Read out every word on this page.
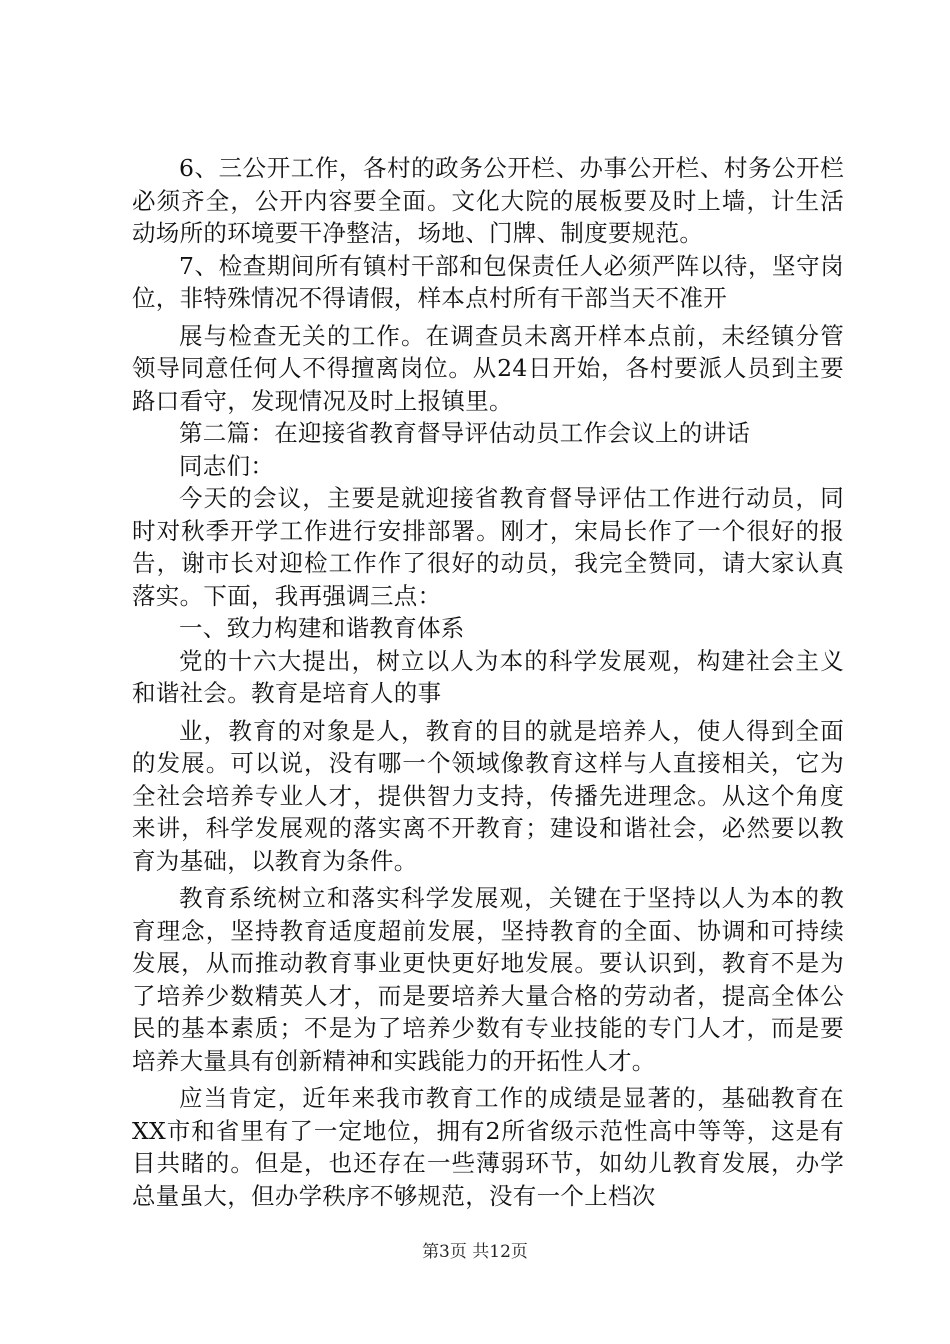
6、三公开工作，各村的政务公开栏、办事公开栏、村务公开栏必须齐全，公开内容要全面。文化大院的展板要及时上墙，计生活动场所的环境要干净整洁，场地、门牌、制度要规范。

7、检查期间所有镇村干部和包保责任人必须严阵以待，坚守岗位，非特殊情况不得请假，样本点村所有干部当天不准开

展与检查无关的工作。在调查员未离开样本点前，未经镇分管领导同意任何人不得擅离岗位。从24日开始，各村要派人员到主要路口看守，发现情况及时上报镇里。

第二篇：在迎接省教育督导评估动员工作会议上的讲话

同志们：

今天的会议，主要是就迎接省教育督导评估工作进行动员，同时对秋季开学工作进行安排部署。刚才，宋局长作了一个很好的报告，谢市长对迎检工作作了很好的动员，我完全赞同，请大家认真落实。下面，我再强调三点：

一、致力构建和谐教育体系

党的十六大提出，树立以人为本的科学发展观，构建社会主义和谐社会。教育是培育人的事

业，教育的对象是人，教育的目的就是培养人，使人得到全面的发展。可以说，没有哪一个领域像教育这样与人直接相关，它为全社会培养专业人才，提供智力支持，传播先进理念。从这个角度来讲，科学发展观的落实离不开教育；建设和谐社会，必然要以教育为基础，以教育为条件。

教育系统树立和落实科学发展观，关键在于坚持以人为本的教育理念，坚持教育适度超前发展，坚持教育的全面、协调和可持续发展，从而推动教育事业更快更好地发展。要认识到，教育不是为了培养少数精英人才，而是要培养大量合格的劳动者，提高全体公民的基本素质；不是为了培养少数有专业技能的专门人才，而是要培养大量具有创新精神和实践能力的开拓性人才。

应当肯定，近年来我市教育工作的成绩是显著的，基础教育在XX市和省里有了一定地位，拥有2所省级示范性高中等等，这是有目共睹的。但是，也还存在一些薄弱环节，如幼儿教育发展，办学总量虽大，但办学秩序不够规范，没有一个上档次

第3页 共12页
